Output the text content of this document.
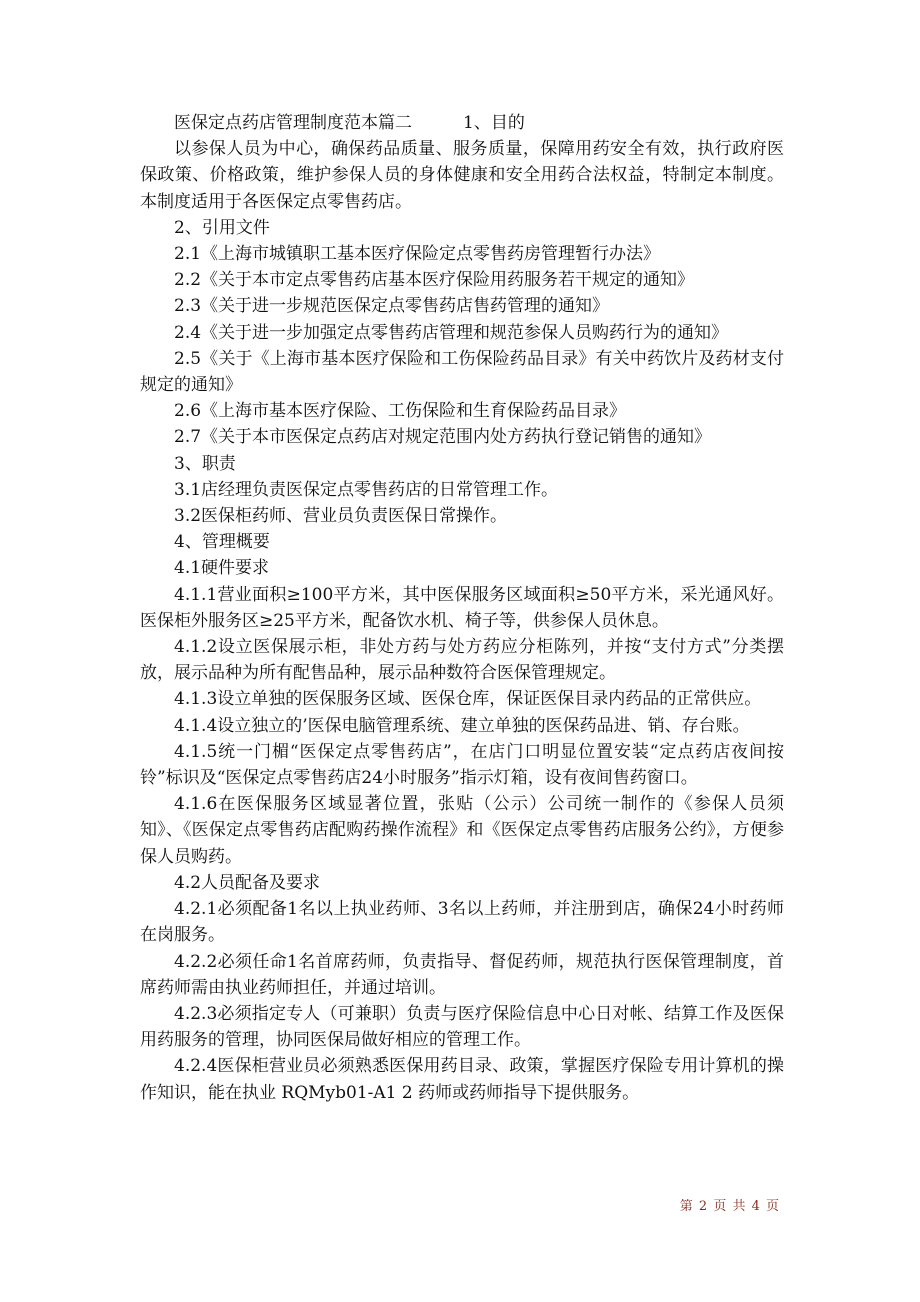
医保定点药店管理制度范本篇二　　　1、目的

以参保人员为中心，确保药品质量、服务质量，保障用药安全有效，执行政府医保政策、价格政策，维护参保人员的身体健康和安全用药合法权益，特制定本制度。本制度适用于各医保定点零售药店。

2、引用文件

2.1《上海市城镇职工基本医疗保险定点零售药房管理暂行办法》

2.2《关于本市定点零售药店基本医疗保险用药服务若干规定的通知》

2.3《关于进一步规范医保定点零售药店售药管理的通知》

2.4《关于进一步加强定点零售药店管理和规范参保人员购药行为的通知》

2.5《关于《上海市基本医疗保险和工伤保险药品目录》有关中药饮片及药材支付规定的通知》

2.6《上海市基本医疗保险、工伤保险和生育保险药品目录》

2.7《关于本市医保定点药店对规定范围内处方药执行登记销售的通知》

3、职责

3.1店经理负责医保定点零售药店的日常管理工作。

3.2医保柜药师、营业员负责医保日常操作。

4、管理概要

4.1硬件要求

4.1.1营业面积≥100平方米，其中医保服务区域面积≥50平方米，采光通风好。医保柜外服务区≥25平方米，配备饮水机、椅子等，供参保人员休息。

4.1.2设立医保展示柜，非处方药与处方药应分柜陈列，并按“支付方式”分类摆放，展示品种为所有配售品种，展示品种数符合医保管理规定。

4.1.3设立单独的医保服务区域、医保仓库，保证医保目录内药品的正常供应。

4.1.4设立独立的’医保电脑管理系统、建立单独的医保药品进、销、存台账。

4.1.5统一门楣“医保定点零售药店”，在店门口明显位置安装“定点药店夜间按铃”标识及“医保定点零售药店24小时服务”指示灯箱，设有夜间售药窗口。

4.1.6在医保服务区域显著位置，张贴（公示）公司统一制作的《参保人员须知》、《医保定点零售药店配购药操作流程》和《医保定点零售药店服务公约》，方便参保人员购药。

4.2人员配备及要求

4.2.1必须配备1名以上执业药师、3名以上药师，并注册到店，确保24小时药师在岗服务。

4.2.2必须任命1名首席药师，负责指导、督促药师，规范执行医保管理制度，首席药师需由执业药师担任，并通过培训。

4.2.3必须指定专人（可兼职）负责与医疗保险信息中心日对帐、结算工作及医保用药服务的管理，协同医保局做好相应的管理工作。

4.2.4医保柜营业员必须熟悉医保用药目录、政策，掌握医疗保险专用计算机的操作知识，能在执业 RQMyb01-A1 2 药师或药师指导下提供服务。

第 2 页 共 4 页
